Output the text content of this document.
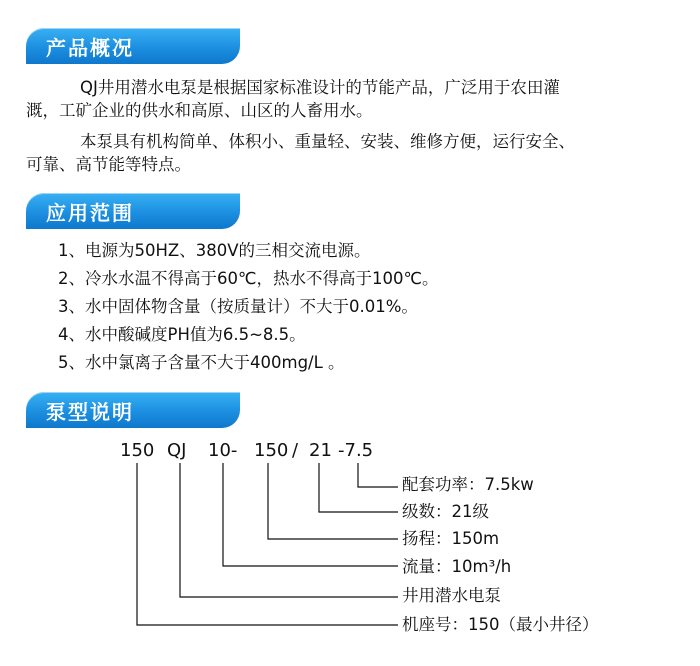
产品概况

QJ井用潜水电泵是根据国家标准设计的节能产品，广泛用于农田灌
溉，工矿企业的供水和高原、山区的人畜用水。

本泵具有机构简单、体积小、重量轻、安装、维修方便，运行安全、
可靠、高节能等特点。

应用范围
1、电源为50HZ、380V的三相交流电源。
2、冷水水温不得高于60℃，热水不得高于100℃。
3、水中固体物含量（按质量计）不大于0.01%。
4、水中酸碱度PH值为6.5~8.5。
5、水中氯离子含量不大于400mg/L 。
泵型说明
150 QJ 10- 150 / 21 -7.5
配套功率：7.5kw
级数：21级
扬程：150m
流量：10m³/h
井用潜水电泵
机座号：150（最小井径）
